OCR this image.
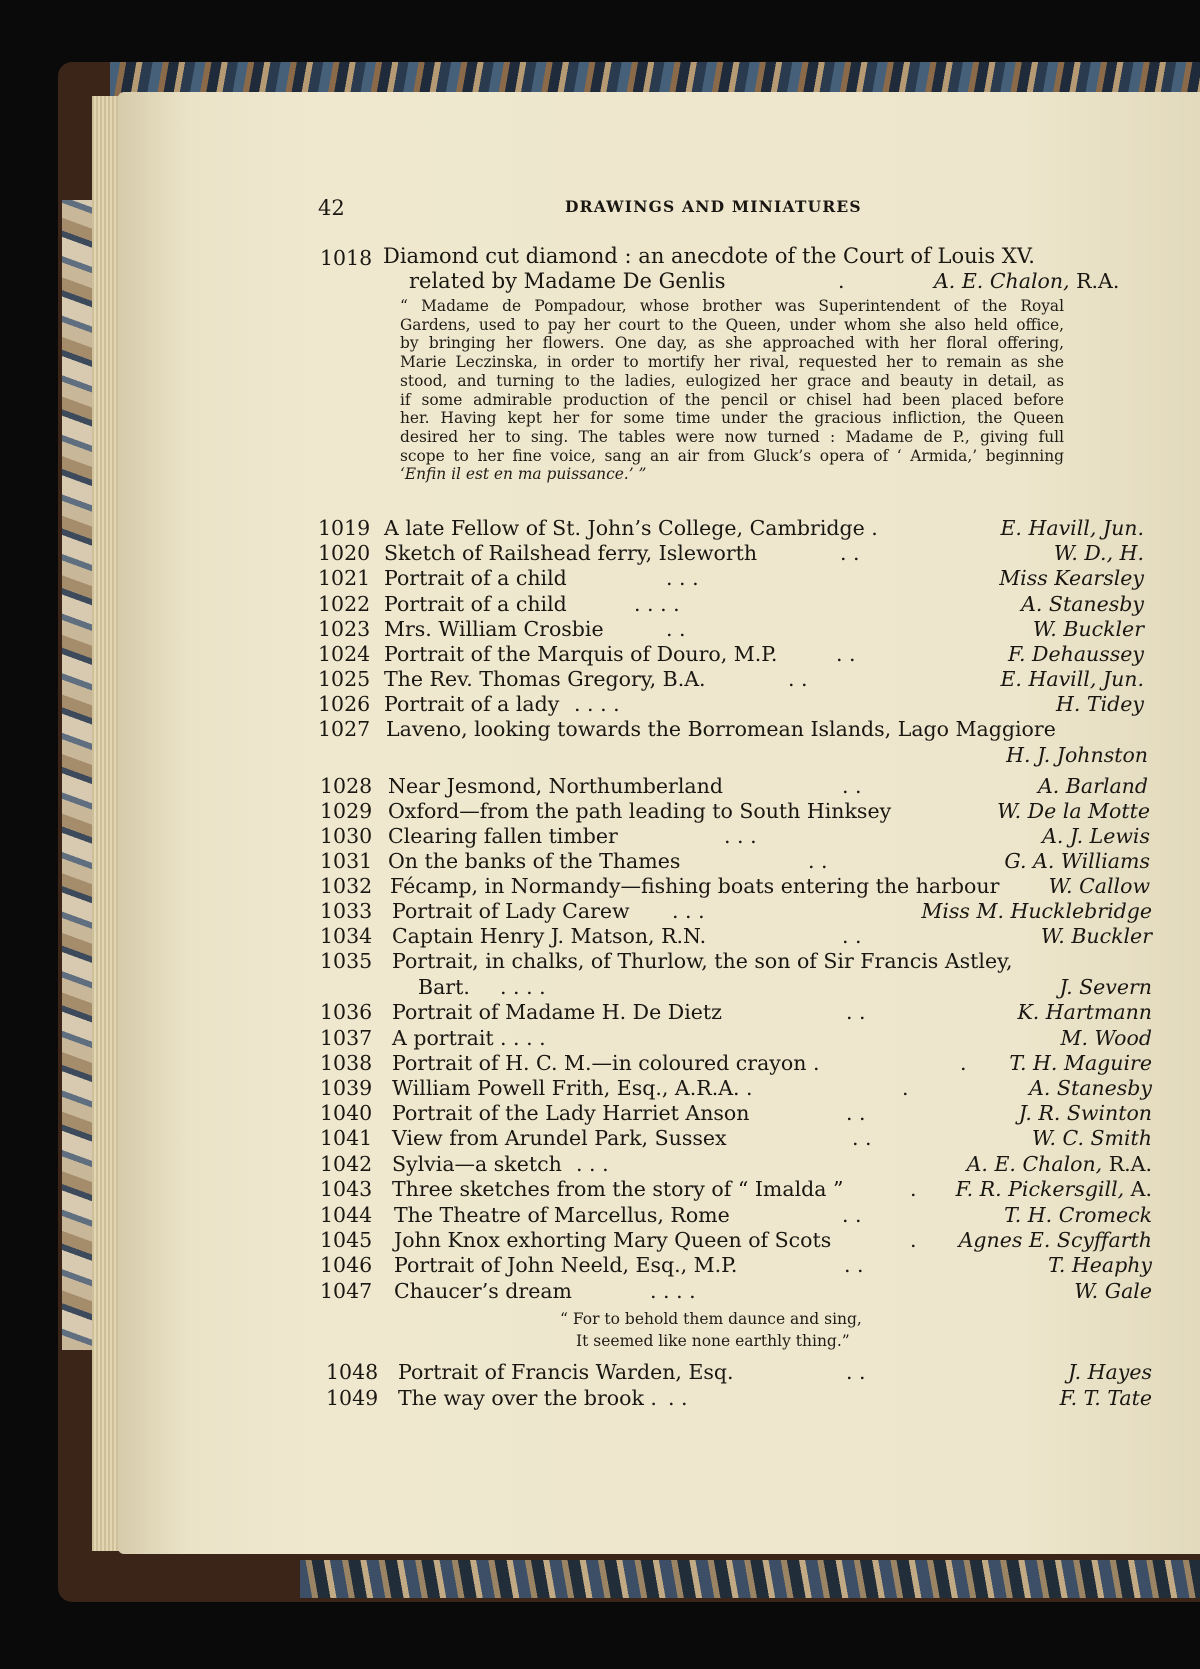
42	DRAWINGS AND MINIATURES
1018 Diamond cut diamond : an anecdote of the Court of Louis XV.
related by Madame De Genlis	.	A. E. Chalon, R.A.
“ Madame de Pompadour, whose brother was Superintendent of the Royal
Gardens, used to pay her court to the Queen, under whom she also held office,
by bringing her flowers. One day, as she approached with her floral offering,
Marie Leczinska, in order to mortify her rival, requested her to remain as she
stood, and turning to the ladies, eulogized her grace and beauty in detail, as
if some admirable production of the pencil or chisel had been placed before
her. Having kept her for some time under the gracious infliction, the Queen
desired her to sing. The tables were now turned : Madame de P., giving full
scope to her fine voice, sang an air from Gluck’s opera of ‘ Armida,’ beginning
‘Enfin il est en ma puissance.’ ”
1019 A late Fellow of St. John’s College, Cambridge .	E. Havill, Jun.
1020 Sketch of Railshead ferry, Isleworth	. .	W. D., H.
1021 Portrait of a child	. . .	Miss Kearsley
1022 Portrait of a child	. . . .	A. Stanesby
1023 Mrs. William Crosbie	. .	W. Buckler
1024 Portrait of the Marquis of Douro, M.P.	. .	F. Dehaussey
1025 The Rev. Thomas Gregory, B.A.	. .	E. Havill, Jun.
1026 Portrait of a lady . . . .	H. Tidey
1027 Laveno, looking towards the Borromean Islands, Lago Maggiore
H. J. Johnston
1028 Near Jesmond, Northumberland	. .	A. Barland
1029 Oxford—from the path leading to South Hinksey	W. De la Motte
1030 Clearing fallen timber	. . .	A. J. Lewis
1031 On the banks of the Thames	. .	G. A. Williams
1032 Fécamp, in Normandy—fishing boats entering the harbour W. Callow
1033 Portrait of Lady Carew . . .	Miss M. Hucklebridge
1034 Captain Henry J. Matson, R.N.	. .	W. Buckler
1035 Portrait, in chalks, of Thurlow, the son of Sir Francis Astley,
Bart. . . . .	J. Severn
1036 Portrait of Madame H. De Dietz	. .	K. Hartmann
1037 A portrait . . . .	M. Wood
1038 Portrait of H. C. M.—in coloured crayon .	. T. H. Maguire
1039 William Powell Frith, Esq., A.R.A. .	.	A. Stanesby
1040 Portrait of the Lady Harriet Anson	. .	J. R. Swinton
1041 View from Arundel Park, Sussex	. .	W. C. Smith
1042 Sylvia—a sketch . . .	A. E. Chalon, R.A.
1043 Three sketches from the story of “ Imalda ”	. F. R. Pickersgill, A.
1044 The Theatre of Marcellus, Rome	. .	T. H. Cromeck
1045 John Knox exhorting Mary Queen of Scots	. Agnes E. Scyffarth
1046 Portrait of John Neeld, Esq., M.P.	. .	T. Heaphy
1047 Chaucer’s dream	. . . .	W. Gale
1048 Portrait of Francis Warden, Esq.	. .	J. Hayes
1049 The way over the brook . . .	F. T. Tate
“ For to behold them daunce and sing,
It seemed like none earthly thing.”
